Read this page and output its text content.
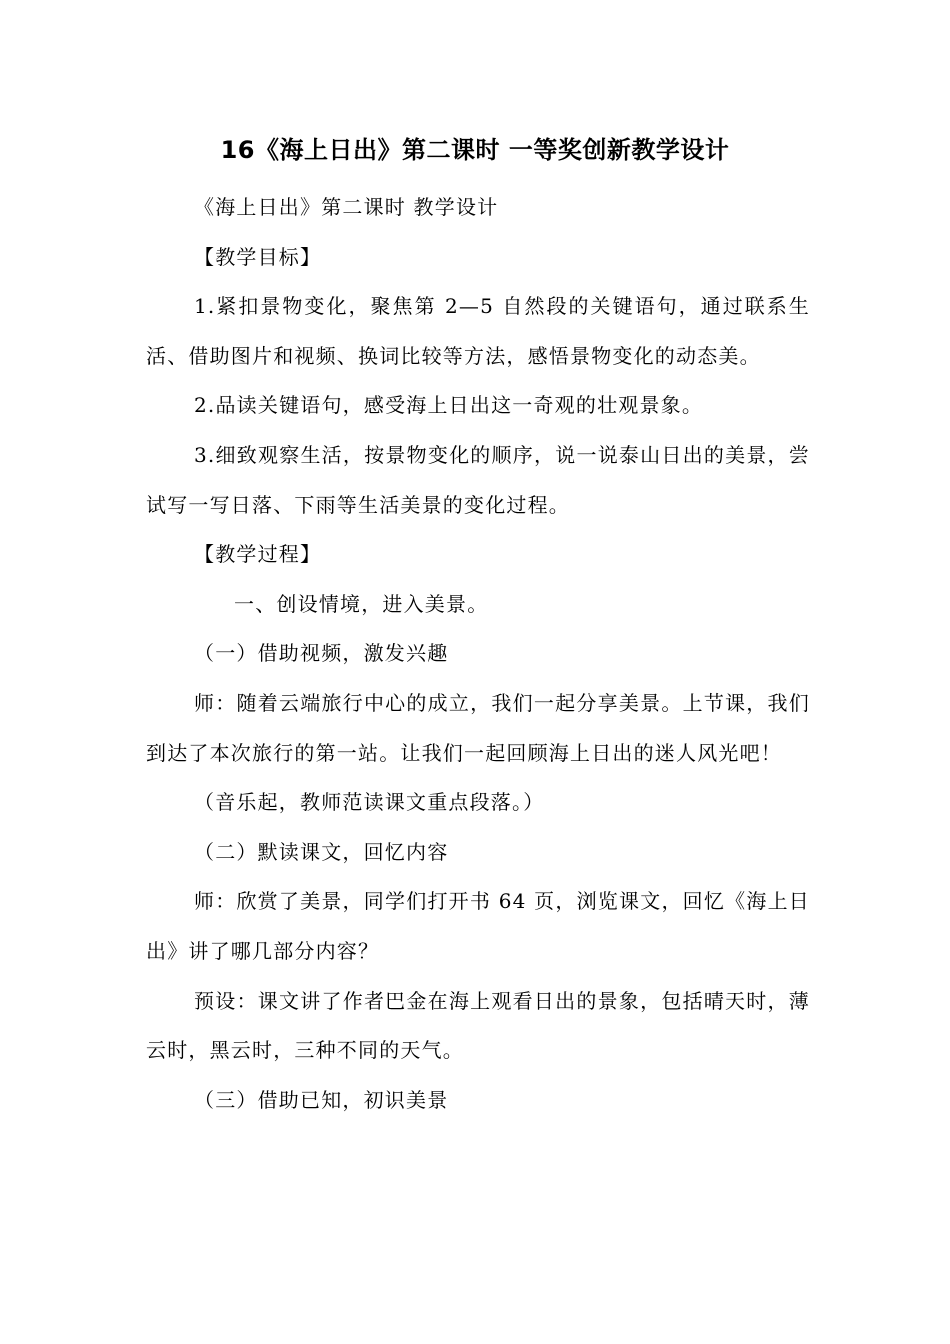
16《海上日出》第二课时 一等奖创新教学设计

《海上日出》第二课时 教学设计

【教学目标】

1.紧扣景物变化，聚焦第 2—5 自然段的关键语句，通过联系生活、借助图片和视频、换词比较等方法，感悟景物变化的动态美。

2.品读关键语句，感受海上日出这一奇观的壮观景象。

3.细致观察生活，按景物变化的顺序，说一说泰山日出的美景，尝试写一写日落、下雨等生活美景的变化过程。

【教学过程】

一、创设情境，进入美景。

（一）借助视频，激发兴趣

师：随着云端旅行中心的成立，我们一起分享美景。上节课，我们到达了本次旅行的第一站。让我们一起回顾海上日出的迷人风光吧！

（音乐起，教师范读课文重点段落。）

（二）默读课文，回忆内容

师：欣赏了美景，同学们打开书 64 页，浏览课文，回忆《海上日出》讲了哪几部分内容？

预设：课文讲了作者巴金在海上观看日出的景象，包括晴天时，薄云时，黑云时，三种不同的天气。

（三）借助已知，初识美景
